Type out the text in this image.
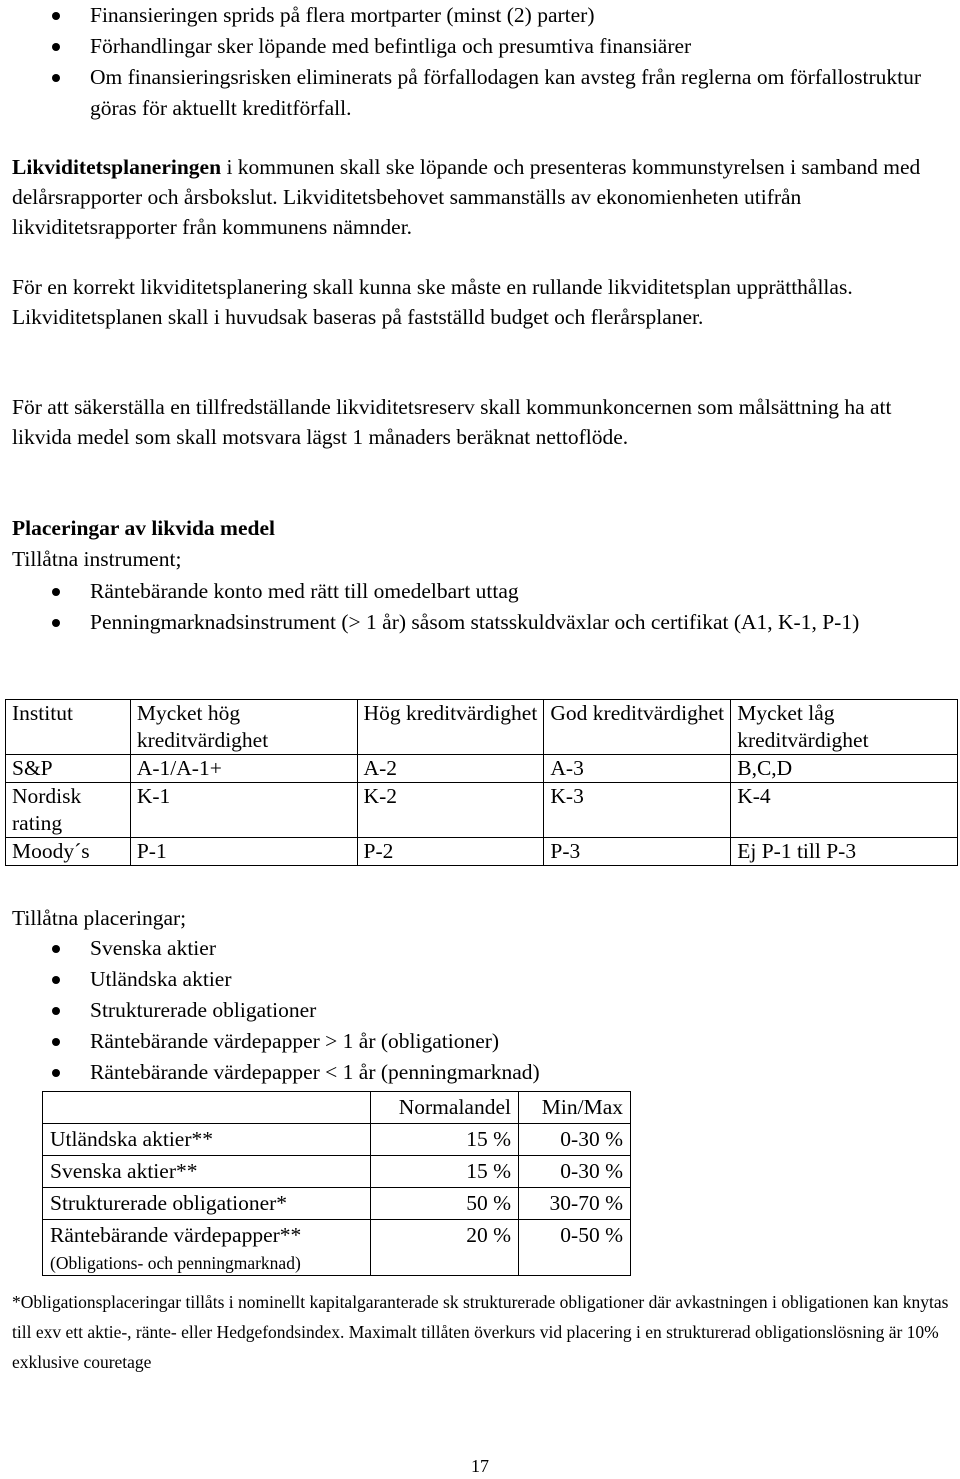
Finansieringen sprids på flera mortparter (minst (2) parter)
Förhandlingar sker löpande med befintliga och presumtiva finansiärer
Om finansieringsrisken eliminerats på förfallodagen kan avsteg från reglerna om förfallostruktur göras för aktuellt kreditförfall.

Likviditetsplaneringen i kommunen skall ske löpande och presenteras kommunstyrelsen i samband med delårsrapporter och årsbokslut. Likviditetsbehovet sammanställs av ekonomienheten utifrån likviditetsrapporter från kommunens nämnder.

För en korrekt likviditetsplanering skall kunna ske måste en rullande likviditetsplan upprätthållas. Likviditetsplanen skall i huvudsak baseras på fastställd budget och flerårsplaner.

För att säkerställa en tillfredställande likviditetsreserv skall kommunkoncernen som målsättning ha att likvida medel som skall motsvara lägst 1 månaders beräknat nettoflöde.

Placeringar av likvida medel
Tillåtna instrument;
Räntebärande konto med rätt till omedelbart uttag
Penningmarknadsinstrument (> 1 år) såsom statsskuldväxlar och certifikat (A1, K-1, P-1)
Institut	Mycket hög kreditvärdighet	Hög kreditvärdighet	God kreditvärdighet	Mycket låg kreditvärdighet
S&P	A-1/A-1+	A-2	A-3	B,C,D
Nordisk rating	K-1	K-2	K-3	K-4
Moody´s	P-1	P-2	P-3	Ej P-1 till P-3
Tillåtna placeringar;
Svenska aktier
Utländska aktier
Strukturerade obligationer
Räntebärande värdepapper > 1 år (obligationer)
Räntebärande värdepapper < 1 år (penningmarknad)
	Normalandel	Min/Max
Utländska aktier**	15 %	0-30 %
Svenska aktier**	15 %	0-30 %
Strukturerade obligationer*	50 %	30-70 %
Räntebärande värdepapper**
(Obligations- och penningmarknad)	20 %	0-50 %
*Obligationsplaceringar tillåts i nominellt kapitalgaranterade sk strukturerade obligationer där avkastningen i obligationen kan knytas till exv ett aktie-, ränte- eller Hedgefondsindex. Maximalt tillåten överkurs vid placering i en strukturerad obligationslösning är 10% exklusive couretage
17
